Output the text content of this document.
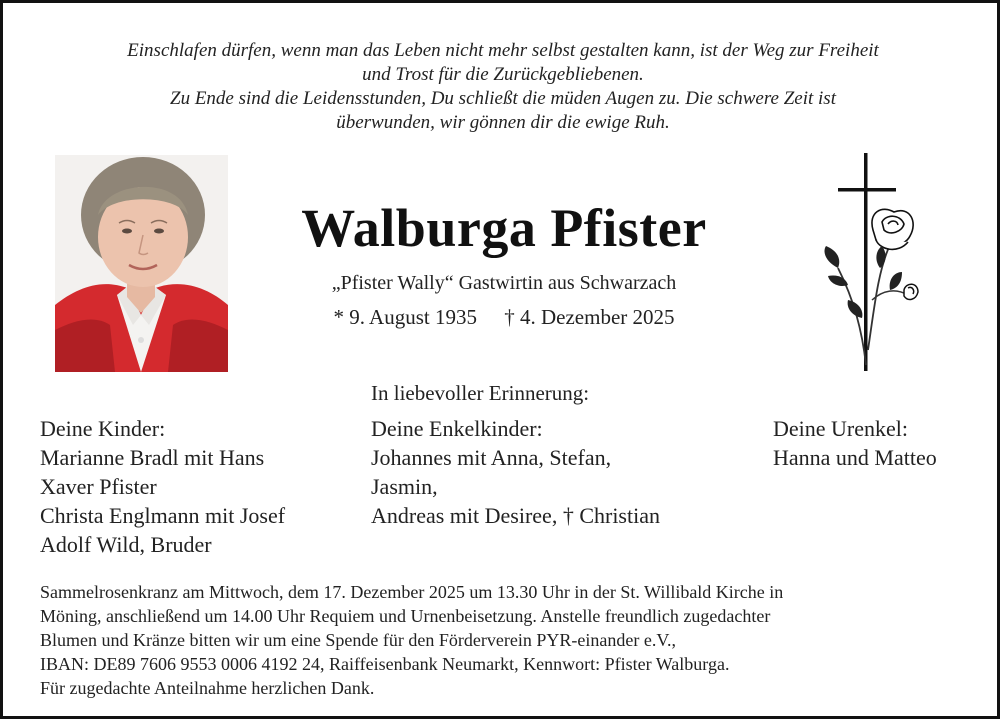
Einschlafen dürfen, wenn man das Leben nicht mehr selbst gestalten kann, ist der Weg zur Freiheit

und Trost für die Zurückgebliebenen.

Zu Ende sind die Leidensstunden, Du schließt die müden Augen zu. Die schwere Zeit ist

überwunden, wir gönnen dir die ewige Ruh.

Walburga Pfister
„Pfister Wally“ Gastwirtin aus Schwarzach
* 9. August 1935 † 4. Dezember 2025
In liebevoller Erinnerung:
Deine Kinder:
Marianne Bradl mit Hans
Xaver Pfister
Christa Englmann mit Josef
Adolf Wild, Bruder
Deine Enkelkinder:
Johannes mit Anna, Stefan,
Jasmin,
Andreas mit Desiree, † Christian
Deine Urenkel:
Hanna und Matteo
Sammelrosenkranz am Mittwoch, dem 17. Dezember 2025 um 13.30 Uhr in der St. Willibald Kirche in
Möning, anschließend um 14.00 Uhr Requiem und Urnenbeisetzung. Anstelle freundlich zugedachter
Blumen und Kränze bitten wir um eine Spende für den Förderverein PYR-einander e.V.,
IBAN: DE89 7606 9553 0006 4192 24, Raiffeisenbank Neumarkt, Kennwort: Pfister Walburga.
Für zugedachte Anteilnahme herzlichen Dank.
